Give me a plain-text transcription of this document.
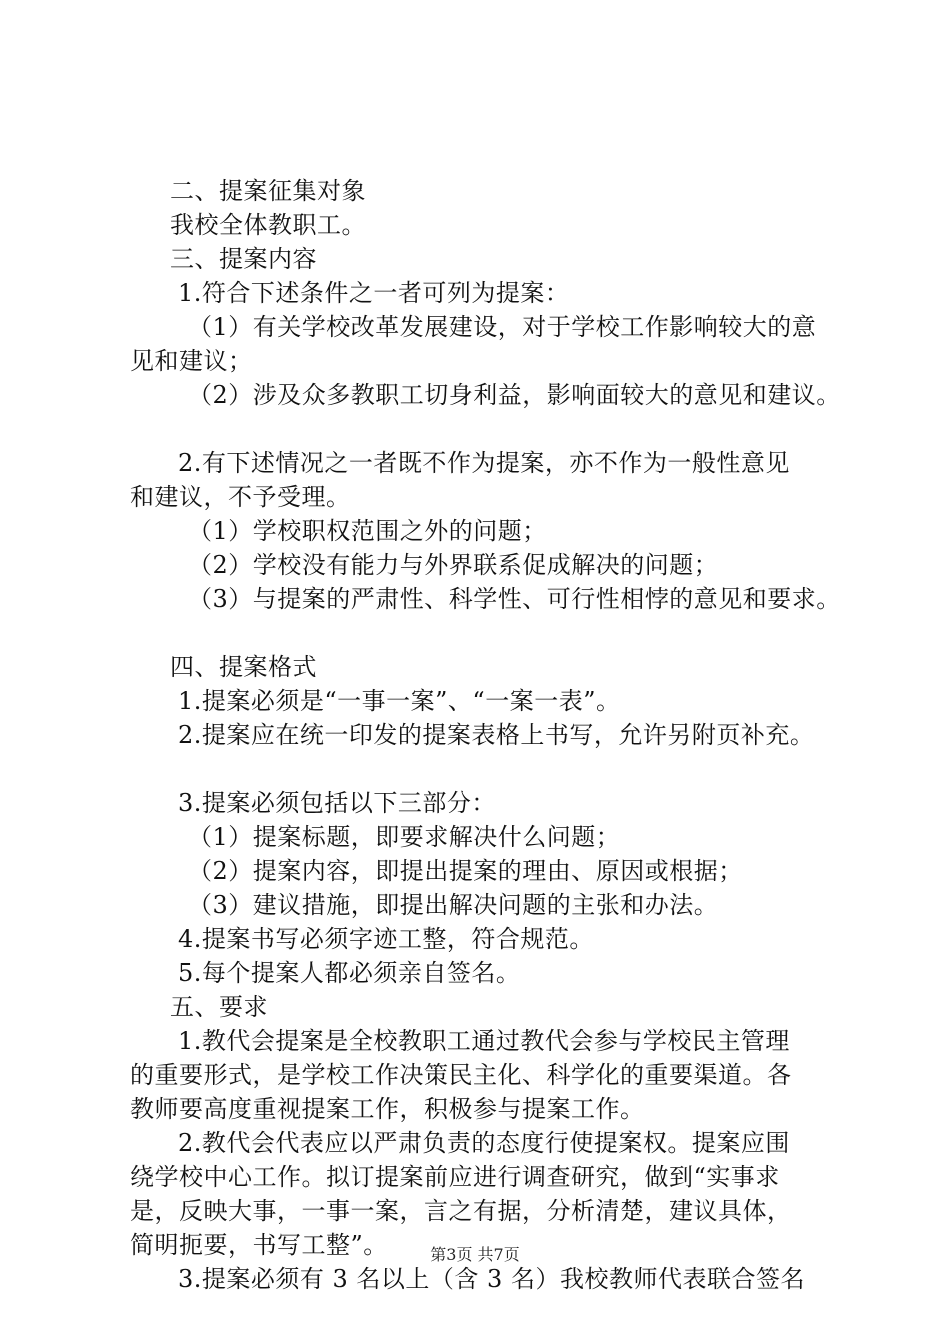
二、提案征集对象
我校全体教职工。
三、提案内容
1.符合下述条件之一者可列为提案：
（1）有关学校改革发展建设，对于学校工作影响较大的意
见和建议；
（2）涉及众多教职工切身利益，影响面较大的意见和建议。
2.有下述情况之一者既不作为提案，亦不作为一般性意见
和建议，不予受理。
（1）学校职权范围之外的问题；
（2）学校没有能力与外界联系促成解决的问题；
（3）与提案的严肃性、科学性、可行性相悖的意见和要求。
四、提案格式
1.提案必须是“一事一案”、“一案一表”。
2.提案应在统一印发的提案表格上书写，允许另附页补充。
3.提案必须包括以下三部分：
（1）提案标题，即要求解决什么问题；
（2）提案内容，即提出提案的理由、原因或根据；
（3）建议措施，即提出解决问题的主张和办法。
4.提案书写必须字迹工整，符合规范。
5.每个提案人都必须亲自签名。
五、要求
1.教代会提案是全校教职工通过教代会参与学校民主管理
的重要形式，是学校工作决策民主化、科学化的重要渠道。各
教师要高度重视提案工作，积极参与提案工作。
2.教代会代表应以严肃负责的态度行使提案权。提案应围
绕学校中心工作。拟订提案前应进行调查研究，做到“实事求
是，反映大事，一事一案，言之有据，分析清楚，建议具体，
简明扼要，书写工整”。
3.提案必须有 3 名以上（含 3 名）我校教师代表联合签名
第3页 共7页
